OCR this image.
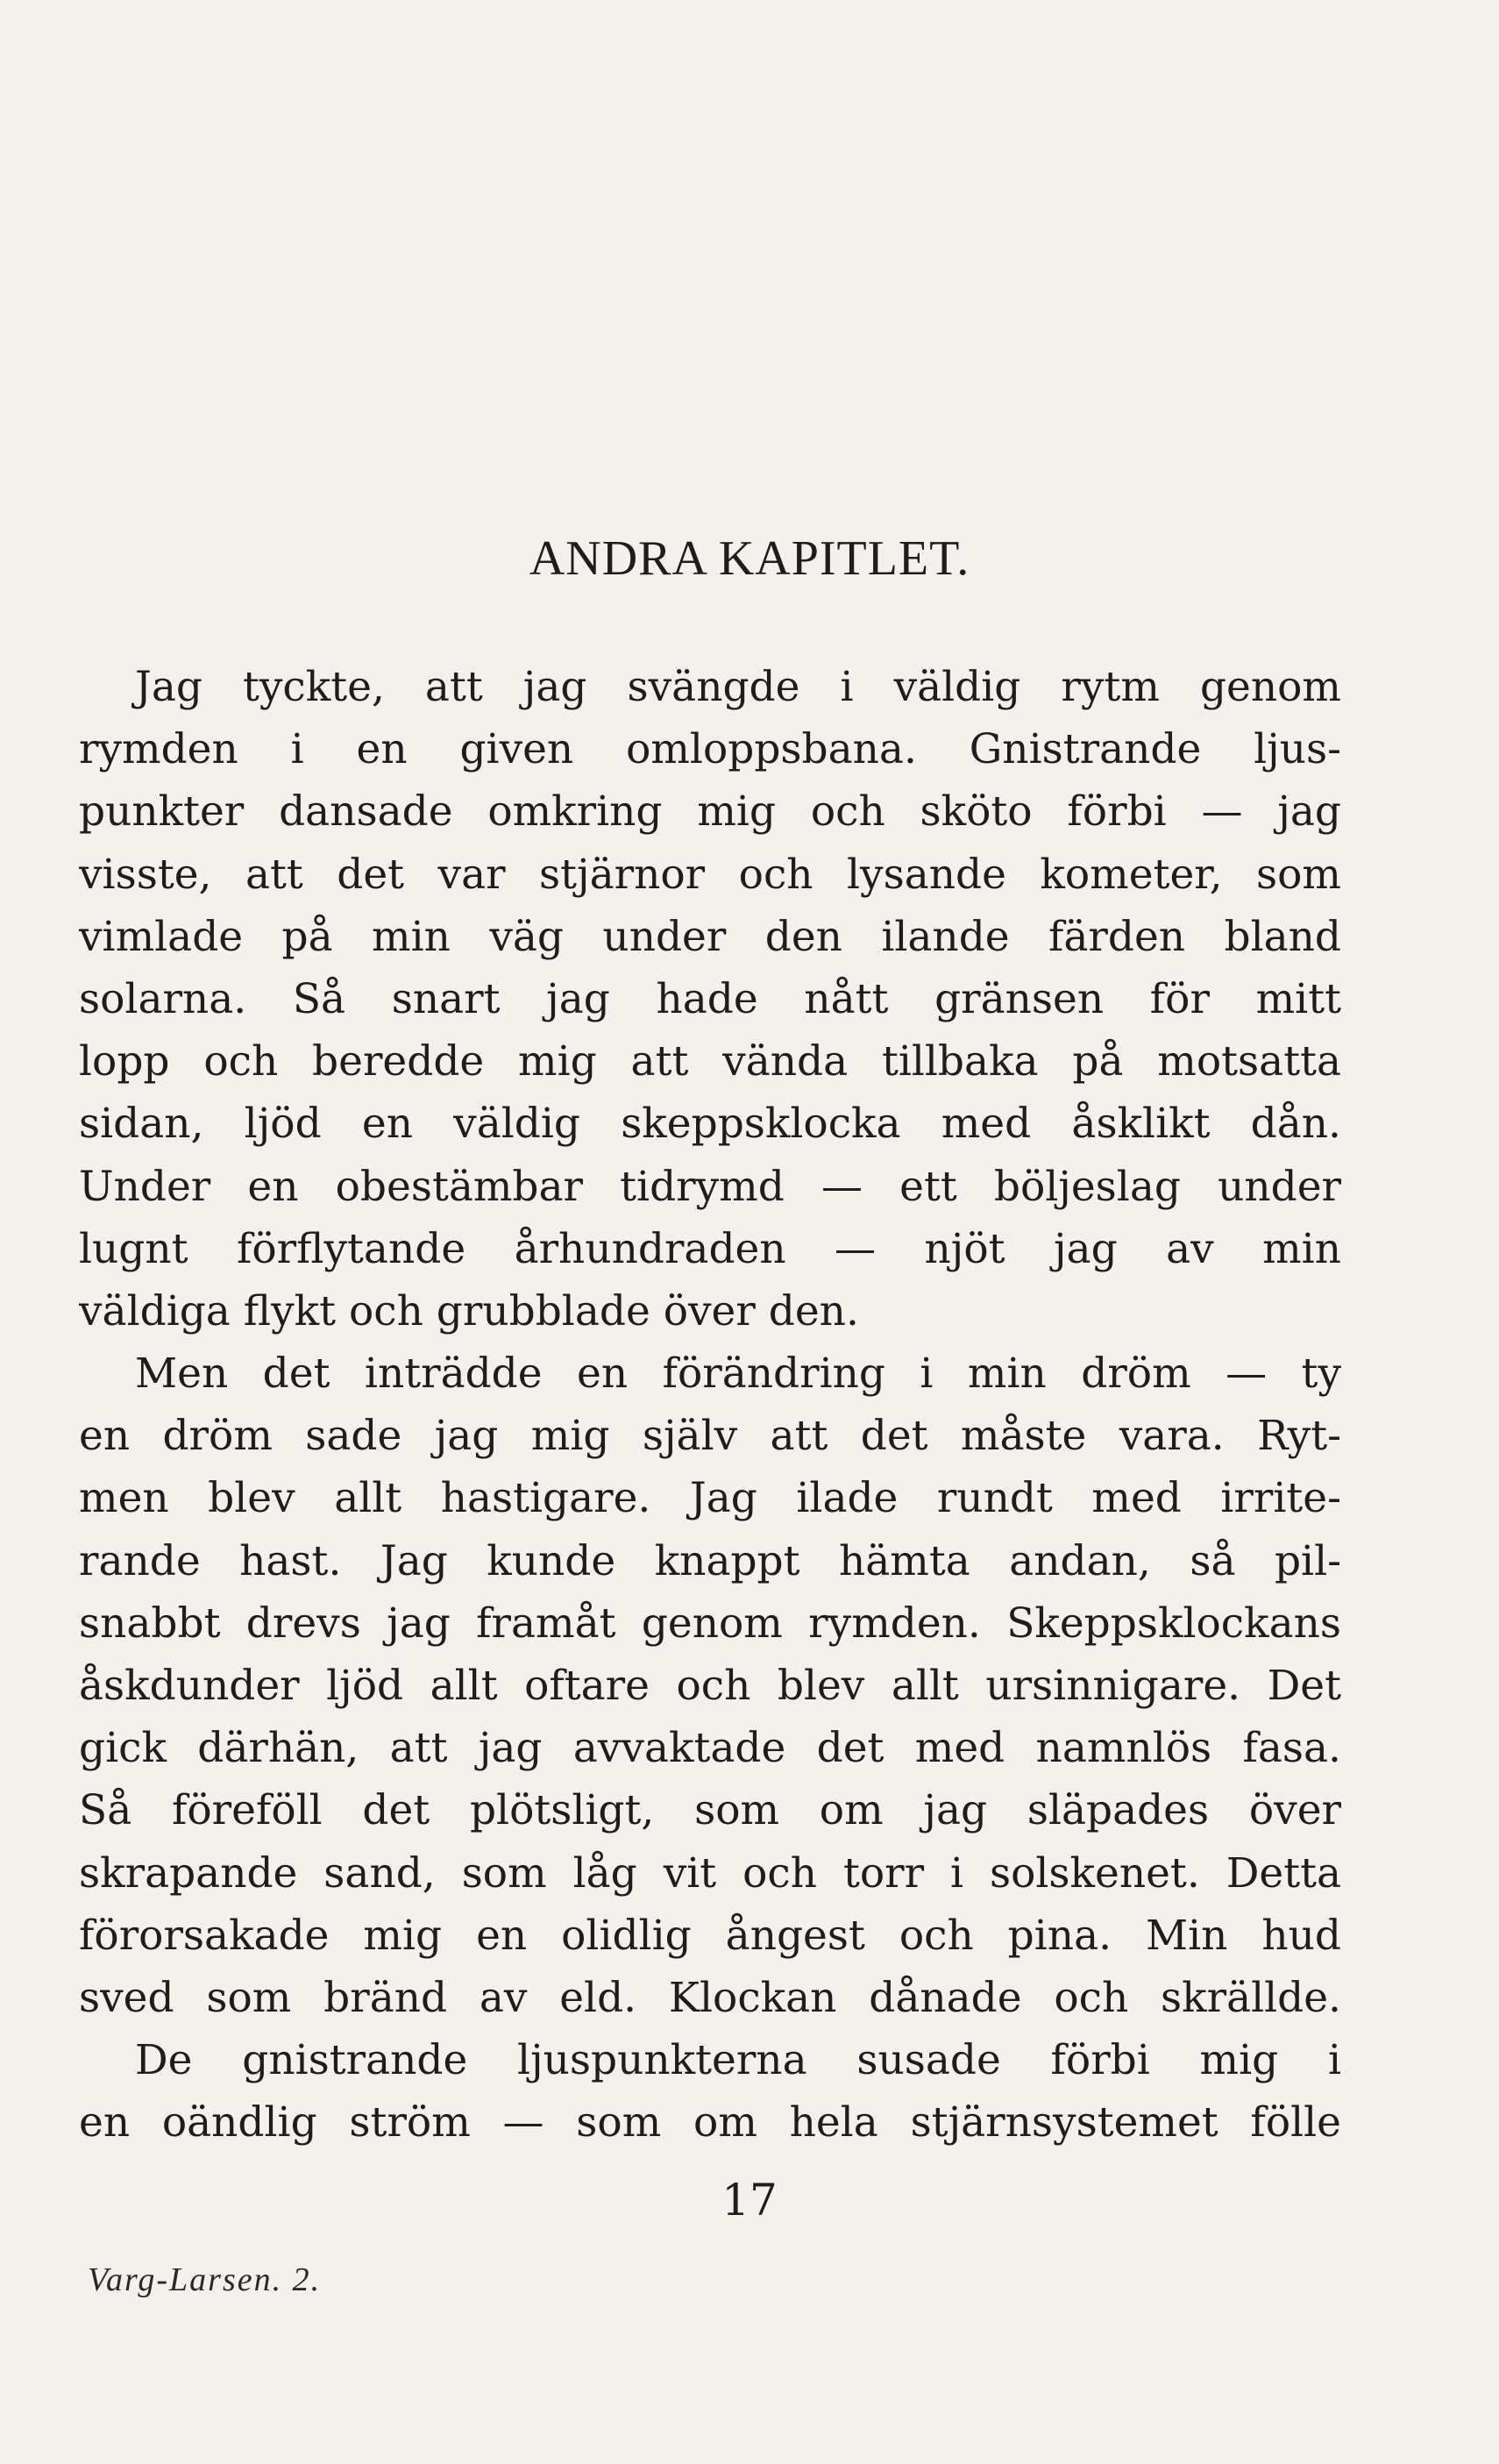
ANDRA KAPITLET.
Jag tyckte, att jag svängde i väldig rytm genom
rymden i en given omloppsbana. Gnistrande ljus-
punkter dansade omkring mig och sköto förbi — jag
visste, att det var stjärnor och lysande kometer, som
vimlade på min väg under den ilande färden bland
solarna. Så snart jag hade nått gränsen för mitt
lopp och beredde mig att vända tillbaka på motsatta
sidan, ljöd en väldig skeppsklocka med åsklikt dån.
Under en obestämbar tidrymd — ett böljeslag under
lugnt förflytande århundraden — njöt jag av min
väldiga flykt och grubblade över den.
Men det inträdde en förändring i min dröm — ty
en dröm sade jag mig själv att det måste vara. Ryt-
men blev allt hastigare. Jag ilade rundt med irrite-
rande hast. Jag kunde knappt hämta andan, så pil-
snabbt drevs jag framåt genom rymden. Skeppsklockans
åskdunder ljöd allt oftare och blev allt ursinnigare. Det
gick därhän, att jag avvaktade det med namnlös fasa.
Så föreföll det plötsligt, som om jag släpades över
skrapande sand, som låg vit och torr i solskenet. Detta
förorsakade mig en olidlig ångest och pina. Min hud
sved som bränd av eld. Klockan dånade och skrällde.
De gnistrande ljuspunkterna susade förbi mig i
en oändlig ström — som om hela stjärnsystemet fölle
17
Varg-Larsen. 2.
